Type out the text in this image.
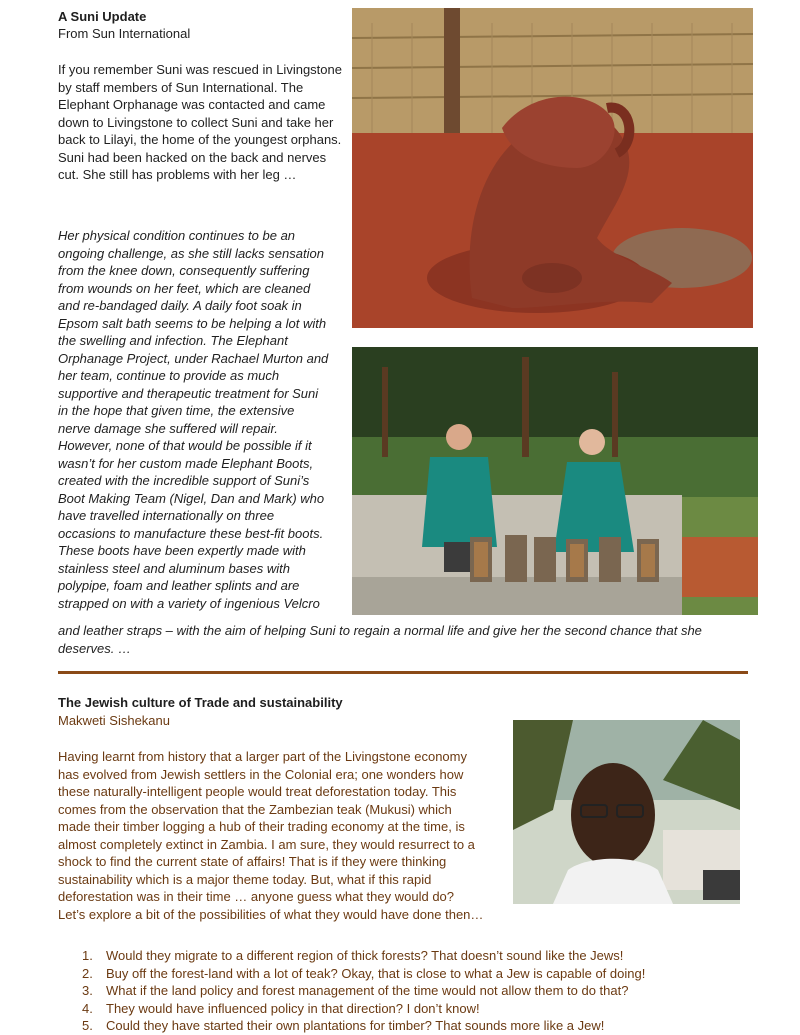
A Suni Update
From Sun International

If you remember Suni was rescued in Livingstone by staff members of Sun International. The Elephant Orphanage was contacted and came down to Livingstone to collect Suni and take her back to Lilayi, the home of the youngest orphans. Suni had been hacked on the back and nerves cut. She still has problems with her leg …

Her physical condition continues to be an
ongoing challenge, as she still lacks sensation
from the knee down, consequently suffering
from wounds on her feet, which are cleaned
and re-bandaged daily. A daily foot soak in
Epsom salt bath seems to be helping a lot with
the swelling and infection. The Elephant
Orphanage Project, under Rachael Murton and
her team, continue to provide as much
supportive and therapeutic treatment for Suni
in the hope that given time, the extensive
nerve damage she suffered will repair.
However, none of that would be possible if it
wasn’t for her custom made Elephant Boots,
created with the incredible support of Suni’s
Boot Making Team (Nigel, Dan and Mark) who
have travelled internationally on three
occasions to manufacture these best-fit boots.
These boots have been expertly made with
stainless steel and aluminum bases with
polypipe, foam and leather splints and are
strapped on with a variety of ingenious Velcro

and leather straps – with the aim of helping Suni to regain a normal life and give her the second chance that she deserves. …

The Jewish culture of Trade and sustainability
Makweti Sishekanu
Having learnt from history that a larger part of the Livingstone economy
has evolved from Jewish settlers in the Colonial era; one wonders how
these naturally-intelligent people would treat deforestation today. This
comes from the observation that the Zambezian teak (Mukusi) which
made their timber logging a hub of their trading economy at the time, is
almost completely extinct in Zambia. I am sure, they would resurrect to a
shock to find the current state of affairs! That is if they were thinking
sustainability which is a major theme today. But, what if this rapid
deforestation was in their time … anyone guess what they would do?
Let’s explore a bit of the possibilities of what they would have done then…
1. Would they migrate to a different region of thick forests? That doesn’t sound like the Jews!
2. Buy off the forest-land with a lot of teak? Okay, that is close to what a Jew is capable of doing!
3. What if the land policy and forest management of the time would not allow them to do that?
4. They would have influenced policy in that direction? I don’t know!
5. Could they have started their own plantations for timber? That sounds more like a Jew!
